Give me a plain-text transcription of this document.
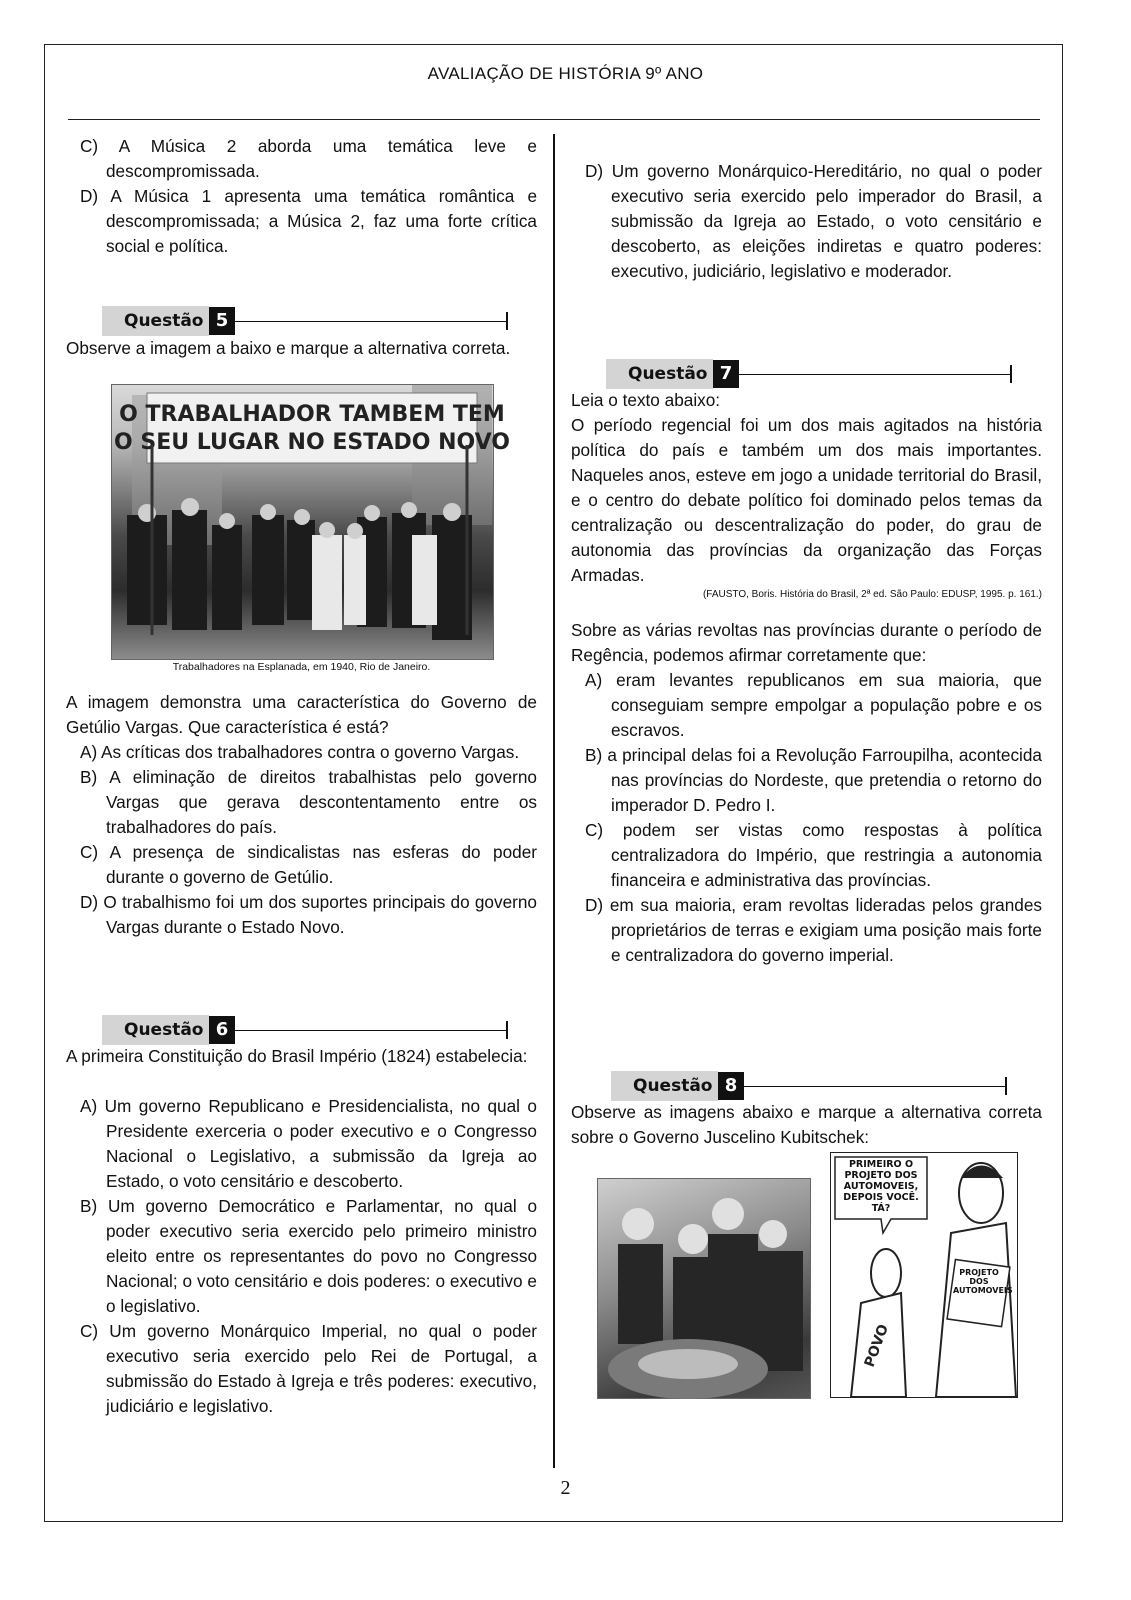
AVALIAÇÃO DE HISTÓRIA 9º ANO
C) A Música 2 aborda uma temática leve e descompromissada.
D) A Música 1 apresenta uma temática romântica e descompromissada; a Música 2, faz uma forte crítica social e política.
Questão 5
Observe a imagem a baixo e marque a alternativa correta.
O TRABALHADOR TAMBEM TEM
O SEU LUGAR NO ESTADO NOVO
Trabalhadores na Esplanada, em 1940, Rio de Janeiro.
A imagem demonstra uma característica do Governo de Getúlio Vargas. Que característica é está?
A) As críticas dos trabalhadores contra o governo Vargas.
B) A eliminação de direitos trabalhistas pelo governo Vargas que gerava descontentamento entre os trabalhadores do país.
C) A presença de sindicalistas nas esferas do poder durante o governo de Getúlio.
D) O trabalhismo foi um dos suportes principais do governo Vargas durante o Estado Novo.
Questão 6
A primeira Constituição do Brasil Império (1824) estabelecia:
A) Um governo Republicano e Presidencialista, no qual o Presidente exerceria o poder executivo e o Congresso Nacional o Legislativo, a submissão da Igreja ao Estado, o voto censitário e descoberto.
B) Um governo Democrático e Parlamentar, no qual o poder executivo seria exercido pelo primeiro ministro eleito entre os representantes do povo no Congresso Nacional; o voto censitário e dois poderes: o executivo e o legislativo.
C) Um governo Monárquico Imperial, no qual o poder executivo seria exercido pelo Rei de Portugal, a submissão do Estado à Igreja e três poderes: executivo, judiciário e legislativo.
D) Um governo Monárquico-Hereditário, no qual o poder executivo seria exercido pelo imperador do Brasil, a submissão da Igreja ao Estado, o voto censitário e descoberto, as eleições indiretas e quatro poderes: executivo, judiciário, legislativo e moderador.
Questão 7
Leia o texto abaixo:
O período regencial foi um dos mais agitados na história política do país e também um dos mais importantes. Naqueles anos, esteve em jogo a unidade territorial do Brasil, e o centro do debate político foi dominado pelos temas da centralização ou descentralização do poder, do grau de autonomia das províncias da organização das Forças Armadas.
(FAUSTO, Boris. História do Brasil, 2ª ed. São Paulo: EDUSP, 1995. p. 161.)
Sobre as várias revoltas nas províncias durante o período de Regência, podemos afirmar corretamente que:
A) eram levantes republicanos em sua maioria, que conseguiam sempre empolgar a população pobre e os escravos.
B) a principal delas foi a Revolução Farroupilha, acontecida nas províncias do Nordeste, que pretendia o retorno do imperador D. Pedro I.
C) podem ser vistas como respostas à política centralizadora do Império, que restringia a autonomia financeira e administrativa das províncias.
D) em sua maioria, eram revoltas lideradas pelos grandes proprietários de terras e exigiam uma posição mais forte e centralizadora do governo imperial.
Questão 8
Observe as imagens abaixo e marque a alternativa correta sobre o Governo Juscelino Kubitschek:
PRIMEIRO O PROJETO DOS AUTOMOVEIS, DEPOIS VOCÊ. TÁ?
PROJETO DOS AUTOMOVEIS
POVO
2
